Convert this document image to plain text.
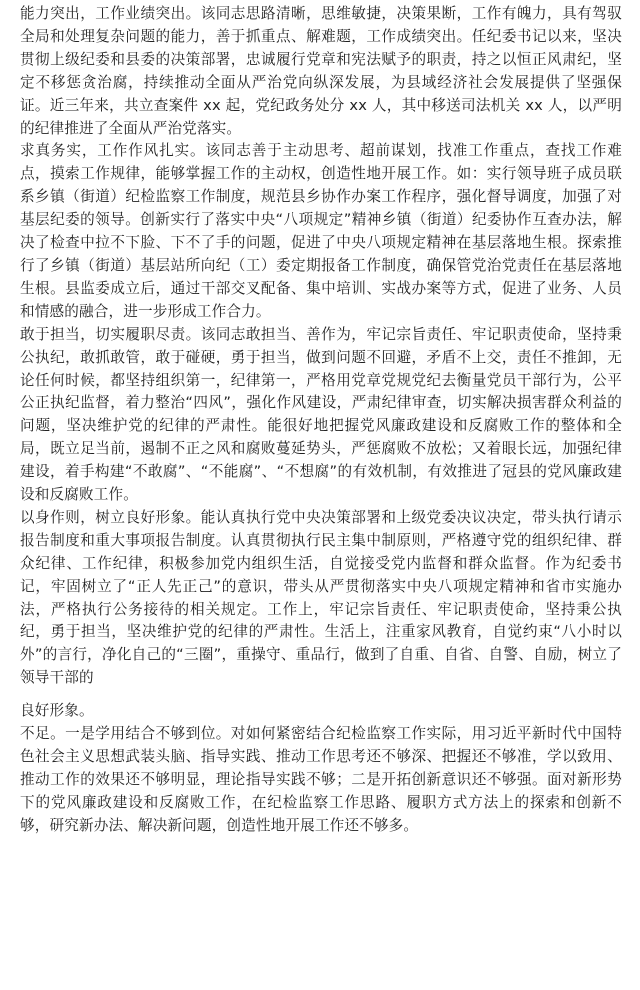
能力突出，工作业绩突出。该同志思路清晰，思维敏捷，决策果断，工作有魄力，具有驾驭全局和处理复杂问题的能力，善于抓重点、解难题，工作成绩突出。任纪委书记以来，坚决贯彻上级纪委和县委的决策部署，忠诚履行党章和宪法赋予的职责，持之以恒正风肃纪，坚定不移惩贪治腐，持续推动全面从严治党向纵深发展，为县域经济社会发展提供了坚强保证。近三年来，共立查案件 xx 起，党纪政务处分 xx 人，其中移送司法机关 xx 人，以严明的纪律推进了全面从严治党落实。

求真务实，工作作风扎实。该同志善于主动思考、超前谋划，找准工作重点，查找工作难点，摸索工作规律，能够掌握工作的主动权，创造性地开展工作。如：实行领导班子成员联系乡镇（街道）纪检监察工作制度，规范县乡协作办案工作程序，强化督导调度，加强了对基层纪委的领导。创新实行了落实中央“八项规定”精神乡镇（街道）纪委协作互查办法，解决了检查中拉不下脸、下不了手的问题，促进了中央八项规定精神在基层落地生根。探索推行了乡镇（街道）基层站所向纪（工）委定期报备工作制度，确保管党治党责任在基层落地生根。县监委成立后，通过干部交叉配备、集中培训、实战办案等方式，促进了业务、人员和情感的融合，进一步形成工作合力。

敢于担当，切实履职尽责。该同志敢担当、善作为，牢记宗旨责任、牢记职责使命，坚持秉公执纪，敢抓敢管，敢于碰硬，勇于担当，做到问题不回避，矛盾不上交，责任不推卸，无论任何时候，都坚持组织第一，纪律第一，严格用党章党规党纪去衡量党员干部行为，公平公正执纪监督，着力整治“四风”，强化作风建设，严肃纪律审查，切实解决损害群众利益的问题，坚决维护党的纪律的严肃性。能很好地把握党风廉政建设和反腐败工作的整体和全局，既立足当前，遏制不正之风和腐败蔓延势头，严惩腐败不放松；又着眼长远，加强纪律建设，着手构建“不敢腐”、“不能腐”、“不想腐”的有效机制，有效推进了冠县的党风廉政建设和反腐败工作。

以身作则，树立良好形象。能认真执行党中央决策部署和上级党委决议决定，带头执行请示报告制度和重大事项报告制度。认真贯彻执行民主集中制原则，严格遵守党的组织纪律、群众纪律、工作纪律，积极参加党内组织生活，自觉接受党内监督和群众监督。作为纪委书记，牢固树立了“正人先正己”的意识，带头从严贯彻落实中央八项规定精神和省市实施办法，严格执行公务接待的相关规定。工作上，牢记宗旨责任、牢记职责使命，坚持秉公执纪，勇于担当，坚决维护党的纪律的严肃性。生活上，注重家风教育，自觉约束“八小时以外”的言行，净化自己的“三圈”，重操守、重品行，做到了自重、自省、自警、自励，树立了领导干部的

良好形象。

不足。一是学用结合不够到位。对如何紧密结合纪检监察工作实际，用习近平新时代中国特色社会主义思想武装头脑、指导实践、推动工作思考还不够深、把握还不够准，学以致用、推动工作的效果还不够明显，理论指导实践不够；二是开拓创新意识还不够强。面对新形势下的党风廉政建设和反腐败工作，在纪检监察工作思路、履职方式方法上的探索和创新不够，研究新办法、解决新问题，创造性地开展工作还不够多。
